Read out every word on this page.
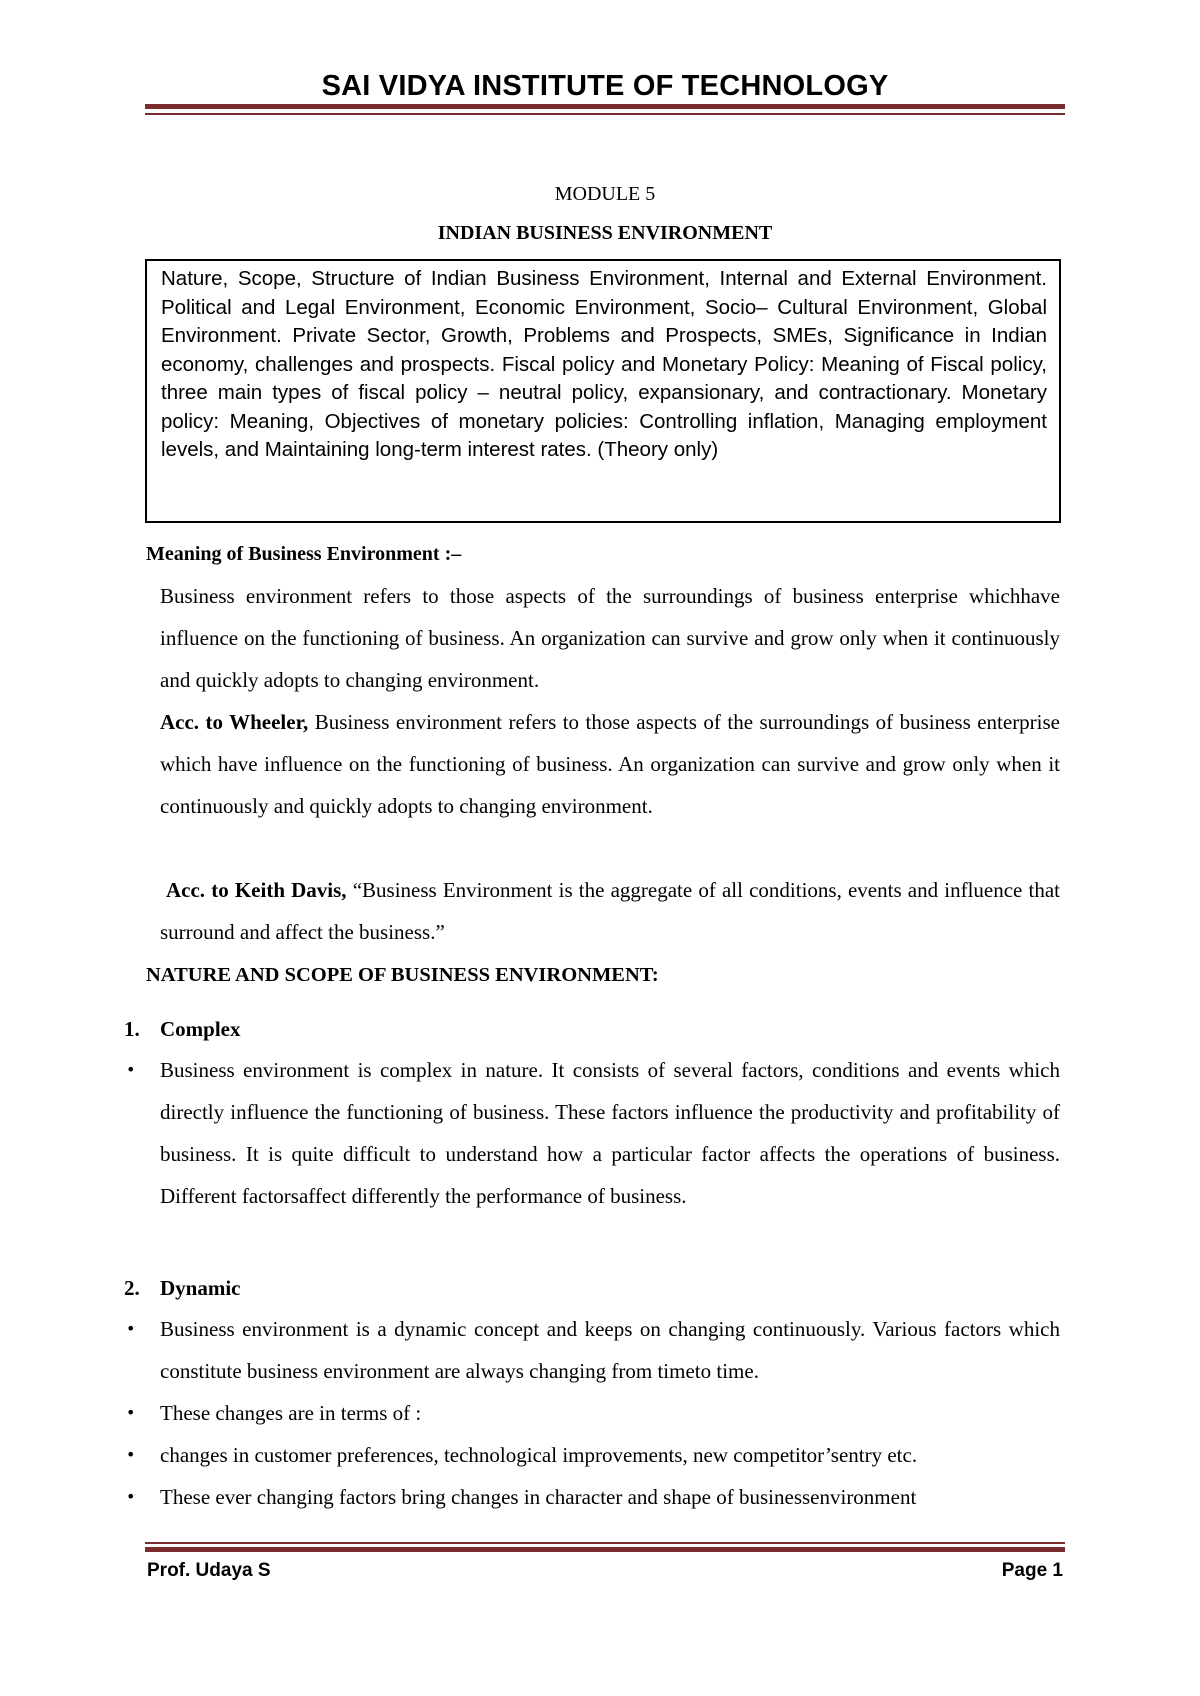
SAI VIDYA INSTITUTE OF TECHNOLOGY
MODULE 5
INDIAN BUSINESS ENVIRONMENT

Nature, Scope, Structure of Indian Business Environment, Internal and External Environment. Political and Legal Environment, Economic Environment, Socio– Cultural Environment, Global Environment. Private Sector, Growth, Problems and Prospects, SMEs, Significance in Indian economy, challenges and prospects. Fiscal policy and Monetary Policy: Meaning of Fiscal policy, three main types of fiscal policy – neutral policy, expansionary, and contractionary. Monetary policy: Meaning, Objectives of monetary policies: Controlling inflation, Managing employment levels, and Maintaining long-term interest rates. (Theory only)

Meaning of Business Environment :–

Business environment refers to those aspects of the surroundings of business enterprise whichhave influence on the functioning of business. An organization can survive and grow only when it continuously and quickly adopts to changing environment.

Acc. to Wheeler, Business environment refers to those aspects of the surroundings of business enterprise which have influence on the functioning of business. An organization can survive and grow only when it continuously and quickly adopts to changing environment.

Acc. to Keith Davis, “Business Environment is the aggregate of all conditions, events and influence that surround and affect the business.”

NATURE AND SCOPE OF BUSINESS ENVIRONMENT:
1. Complex
• Business environment is complex in nature. It consists of several factors, conditions and events which directly influence the functioning of business. These factors influence the productivity and profitability of business. It is quite difficult to understand how a particular factor affects the operations of business. Different factorsaffect differently the performance of business.
2. Dynamic
• Business environment is a dynamic concept and keeps on changing continuously. Various factors which constitute business environment are always changing from timeto time.
• These changes are in terms of :
• changes in customer preferences, technological improvements, new competitor’sentry etc.
• These ever changing factors bring changes in character and shape of businessenvironment
Prof. Udaya S	Page 1
